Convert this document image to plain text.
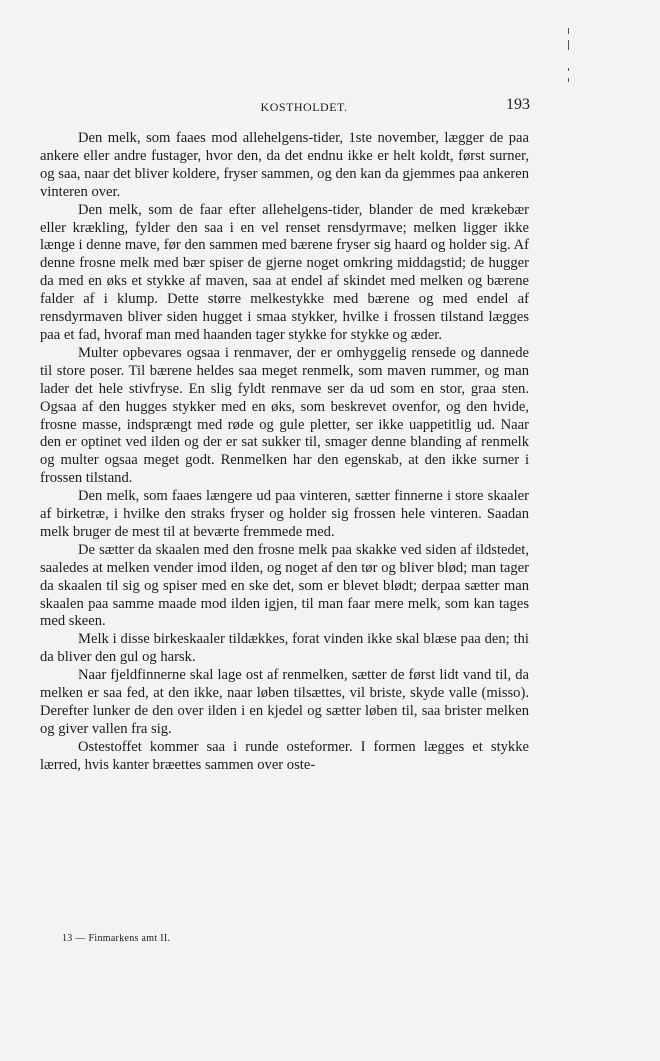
KOSTHOLDET.	193

Den melk, som faaes mod allehelgens-tider, 1ste november, lægger de paa ankere eller andre fustager, hvor den, da det endnu ikke er helt koldt, først surner, og saa, naar det bliver koldere, fryser sammen, og den kan da gjemmes paa ankeren vinteren over.

Den melk, som de faar efter allehelgens-tider, blander de med krækebær eller krækling, fylder den saa i en vel renset rensdyrmave; melken ligger ikke længe i denne mave, før den sammen med bærene fryser sig haard og holder sig. Af denne frosne melk med bær spiser de gjerne noget omkring middagstid; de hugger da med en øks et stykke af maven, saa at endel af skindet med melken og bærene falder af i klump. Dette større melkestykke med bærene og med endel af rensdyrmaven bliver siden hugget i smaa stykker, hvilke i frossen tilstand lægges paa et fad, hvoraf man med haanden tager stykke for stykke og æder.

Multer opbevares ogsaa i renmaver, der er omhyggelig rensede og dannede til store poser. Til bærene heldes saa meget renmelk, som maven rummer, og man lader det hele stivfryse. En slig fyldt renmave ser da ud som en stor, graa sten. Ogsaa af den hugges stykker med en øks, som beskrevet ovenfor, og den hvide, frosne masse, indsprængt med røde og gule pletter, ser ikke uappetitlig ud. Naar den er optinet ved ilden og der er sat sukker til, smager denne blanding af renmelk og multer ogsaa meget godt. Renmelken har den egenskab, at den ikke surner i frossen tilstand.

Den melk, som faaes længere ud paa vinteren, sætter finnerne i store skaaler af birketræ, i hvilke den straks fryser og holder sig frossen hele vinteren. Saadan melk bruger de mest til at beværte fremmede med.

De sætter da skaalen med den frosne melk paa skakke ved siden af ildstedet, saaledes at melken vender imod ilden, og noget af den tør og bliver blød; man tager da skaalen til sig og spiser med en ske det, som er blevet blødt; derpaa sætter man skaalen paa samme maade mod ilden igjen, til man faar mere melk, som kan tages med skeen.

Melk i disse birkeskaaler tildækkes, forat vinden ikke skal blæse paa den; thi da bliver den gul og harsk.

Naar fjeldfinnerne skal lage ost af renmelken, sætter de først lidt vand til, da melken er saa fed, at den ikke, naar løben tilsættes, vil briste, skyde valle (misso). Derefter lunker de den over ilden i en kjedel og sætter løben til, saa brister melken og giver vallen fra sig.

Ostestoffet kommer saa i runde osteformer. I formen lægges et stykke lærred, hvis kanter bræettes sammen over oste-

13 — Finmarkens amt II.
